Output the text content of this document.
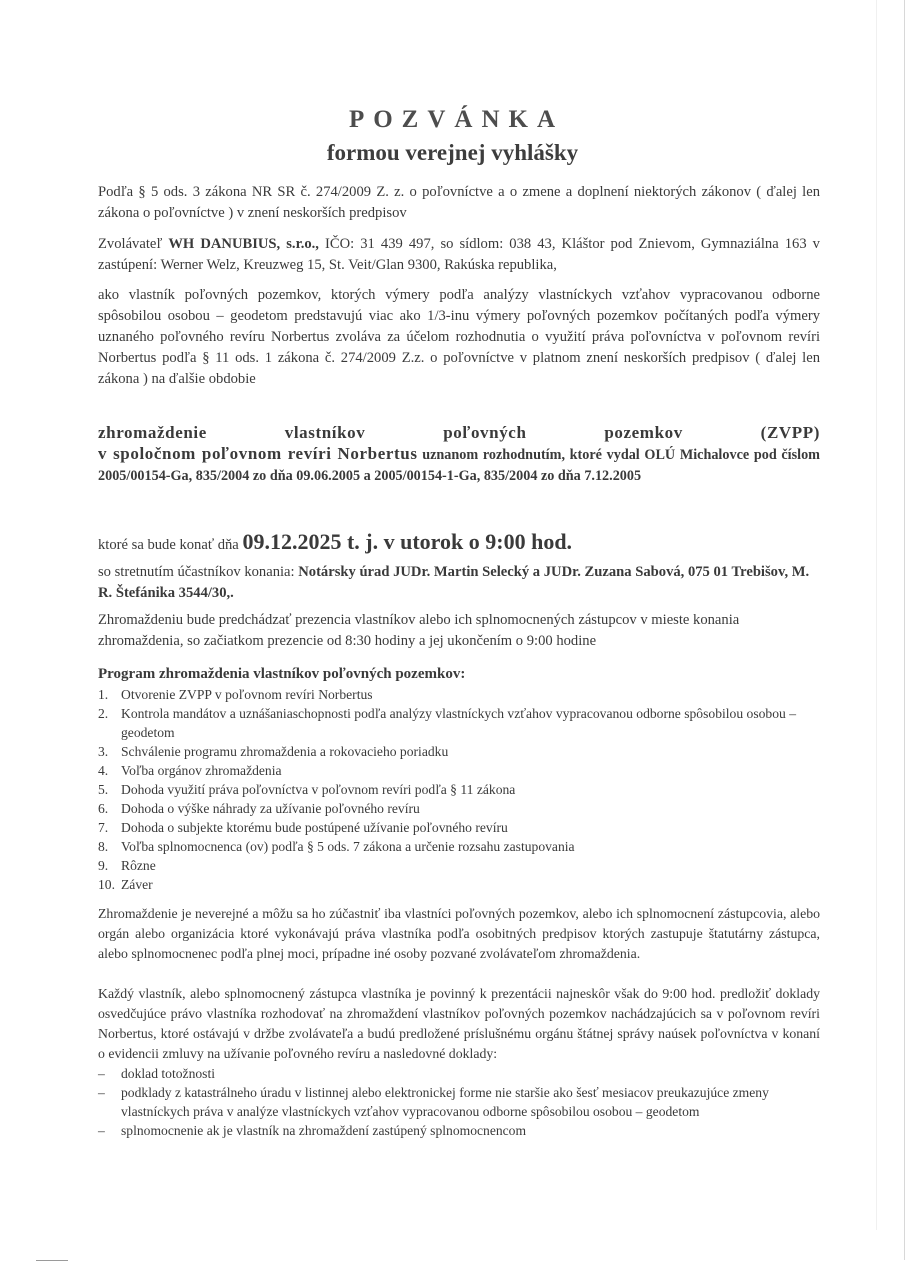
POZVÁNKA
formou verejnej vyhlášky
Podľa § 5 ods. 3 zákona NR SR č. 274/2009 Z. z. o poľovníctve a o zmene a doplnení niektorých zákonov ( ďalej len zákona o poľovníctve ) v znení neskorších predpisov
Zvolávateľ WH DANUBIUS, s.r.o., IČO: 31 439 497, so sídlom: 038 43, Kláštor pod Znievom, Gymnaziálna 163 v zastúpení: Werner Welz, Kreuzweg 15, St. Veit/Glan 9300, Rakúska republika,
ako vlastník poľovných pozemkov, ktorých výmery podľa analýzy vlastníckych vzťahov vypracovanou odborne spôsobilou osobou – geodetom predstavujú viac ako 1/3-inu výmery poľovných pozemkov počítaných podľa výmery uznaného poľovného revíru Norbertus zvoláva za účelom rozhodnutia o využití práva poľovníctva v poľovnom revíri Norbertus podľa § 11 ods. 1 zákona č. 274/2009 Z.z. o poľovníctve v platnom znení neskorších predpisov ( ďalej len zákona ) na ďalšie obdobie
zhromaždenie vlastníkov poľovných pozemkov (ZVPP)
v spoločnom poľovnom revíri Norbertus uznanom rozhodnutím, ktoré vydal OLÚ Michalovce pod číslom 2005/00154-Ga, 835/2004 zo dňa 09.06.2005 a 2005/00154-1-Ga, 835/2004 zo dňa 7.12.2005
ktoré sa bude konať dňa 09.12.2025 t. j. v utorok o 9:00 hod.
so stretnutím účastníkov konania: Notársky úrad JUDr. Martin Selecký a JUDr. Zuzana Sabová, 075 01 Trebišov, M. R. Štefánika 3544/30,.
Zhromaždeniu bude predchádzať prezencia vlastníkov alebo ich splnomocnených zástupcov v mieste konania zhromaždenia, so začiatkom prezencie od 8:30 hodiny a jej ukončením o 9:00 hodine
Program zhromaždenia vlastníkov poľovných pozemkov:
1. Otvorenie ZVPP v poľovnom revíri Norbertus
2. Kontrola mandátov a uznášaniaschopnosti podľa analýzy vlastníckych vzťahov vypracovanou odborne spôsobilou osobou – geodetom
3. Schválenie programu zhromaždenia a rokovacieho poriadku
4. Voľba orgánov zhromaždenia
5. Dohoda využití práva poľovníctva v poľovnom revíri podľa § 11 zákona
6. Dohoda o výške náhrady za užívanie poľovného revíru
7. Dohoda o subjekte ktorému bude postúpené užívanie poľovného revíru
8. Voľba splnomocnenca (ov) podľa § 5 ods. 7 zákona a určenie rozsahu zastupovania
9. Rôzne
10. Záver
Zhromaždenie je neverejné a môžu sa ho zúčastniť iba vlastníci poľovných pozemkov, alebo ich splnomocnení zástupcovia, alebo orgán alebo organizácia ktoré vykonávajú práva vlastníka podľa osobitných predpisov ktorých zastupuje štatutárny zástupca, alebo splnomocnenec podľa plnej moci, prípadne iné osoby pozvané zvolávateľom zhromaždenia.
Každý vlastník, alebo splnomocnený zástupca vlastníka je povinný k prezentácii najneskôr však do 9:00 hod. predložiť doklady osvedčujúce právo vlastníka rozhodovať na zhromaždení vlastníkov poľovných pozemkov nachádzajúcich sa v poľovnom revíri Norbertus, ktoré ostávajú v držbe zvolávateľa a budú predložené príslušnému orgánu štátnej správy naúsek poľovníctva v konaní o evidencii zmluvy na užívanie poľovného revíru a nasledovné doklady:
– doklad totožnosti
– podklady z katastrálneho úradu v listinnej alebo elektronickej forme nie staršie ako šesť mesiacov preukazujúce zmeny vlastníckych práva v analýze vlastníckych vzťahov vypracovanou odborne spôsobilou osobou – geodetom
– splnomocnenie ak je vlastník na zhromaždení zastúpený splnomocnencom
